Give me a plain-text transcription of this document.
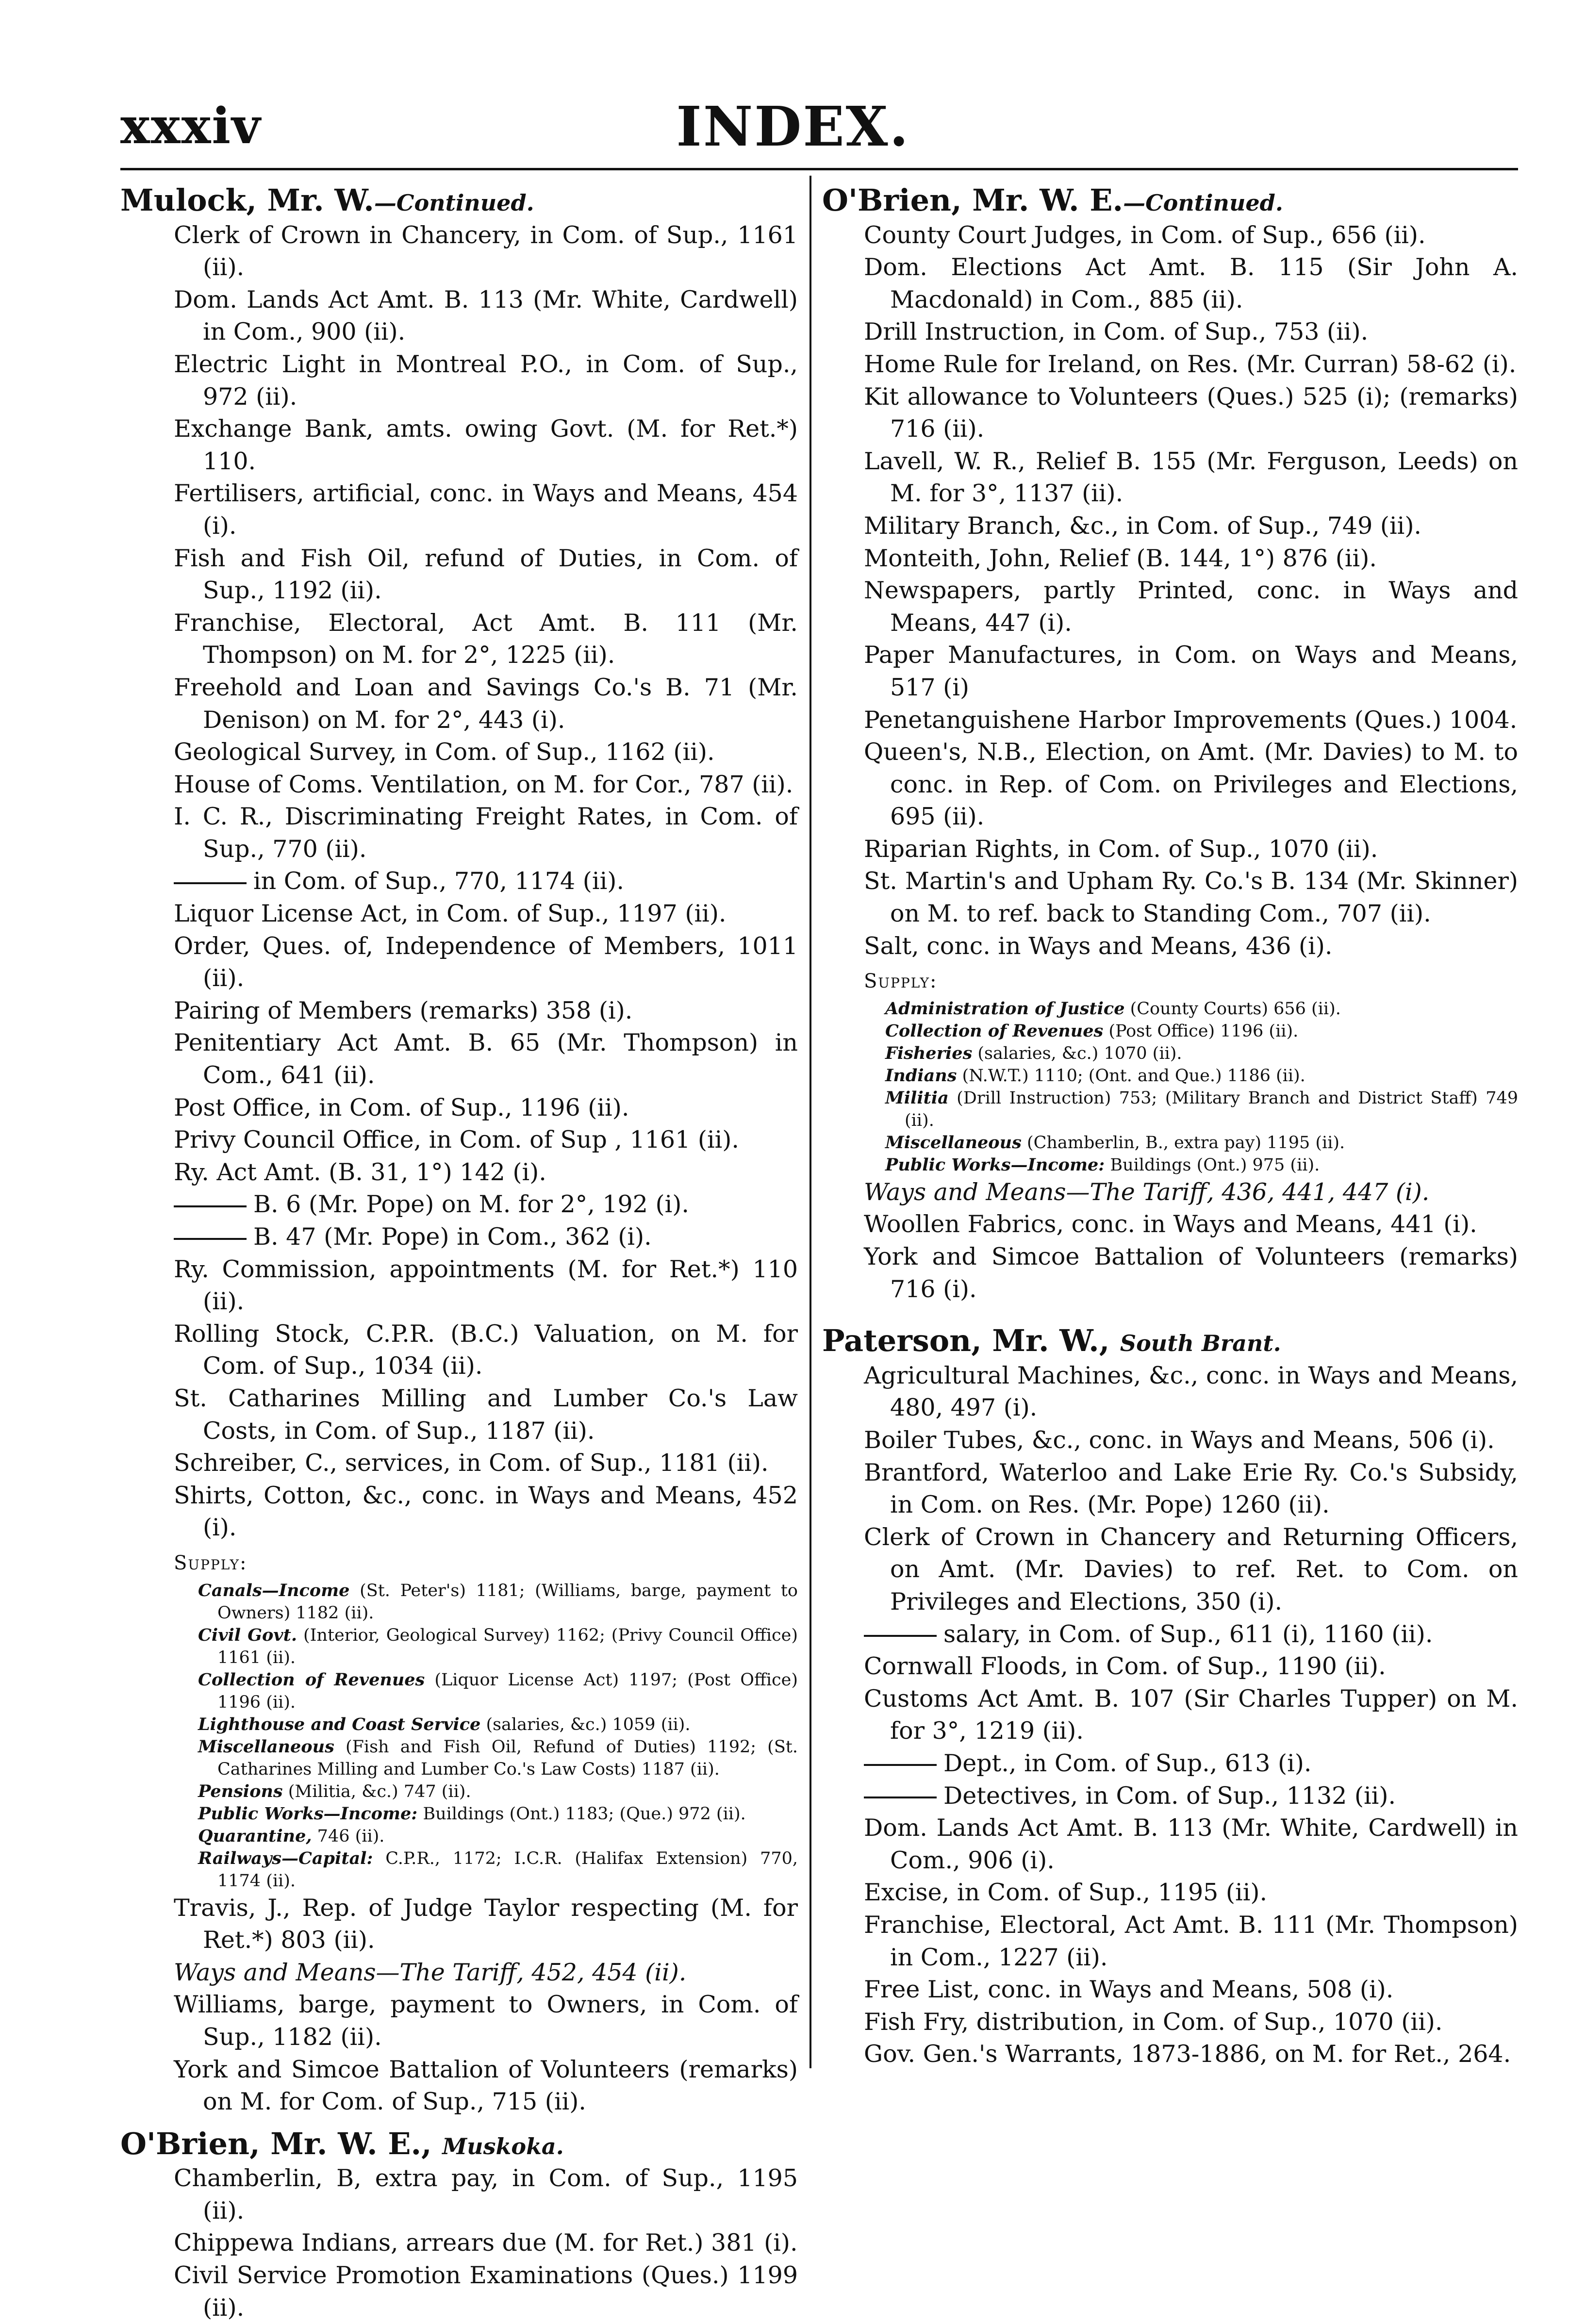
xxxiv	INDEX.
Mulock, Mr. W.—Continued.
Clerk of Crown in Chancery, in Com. of Sup., 1161 (ii).
Dom. Lands Act Amt. B. 113 (Mr. White, Cardwell) in Com., 900 (ii).
Electric Light in Montreal P.O., in Com. of Sup., 972 (ii).
Exchange Bank, amts. owing Govt. (M. for Ret.*) 110.
Fertilisers, artificial, conc. in Ways and Means, 454 (i).
Fish and Fish Oil, refund of Duties, in Com. of Sup., 1192 (ii).
Franchise, Electoral, Act Amt. B. 111 (Mr. Thompson) on M. for 2°, 1225 (ii).
Freehold and Loan and Savings Co.'s B. 71 (Mr. Denison) on M. for 2°, 443 (i).
Geological Survey, in Com. of Sup., 1162 (ii).
House of Coms. Ventilation, on M. for Cor., 787 (ii).
I. C. R., Discriminating Freight Rates, in Com. of Sup., 770 (ii).
in Com. of Sup., 770, 1174 (ii).
Liquor License Act, in Com. of Sup., 1197 (ii).
Order, Ques. of, Independence of Members, 1011 (ii).
Pairing of Members (remarks) 358 (i).
Penitentiary Act Amt. B. 65 (Mr. Thompson) in Com., 641 (ii).
Post Office, in Com. of Sup., 1196 (ii).
Privy Council Office, in Com. of Sup , 1161 (ii).
Ry. Act Amt. (B. 31, 1°) 142 (i).
B. 6 (Mr. Pope) on M. for 2°, 192 (i).
B. 47 (Mr. Pope) in Com., 362 (i).
Ry. Commission, appointments (M. for Ret.*) 110 (ii).
Rolling Stock, C.P.R. (B.C.) Valuation, on M. for Com. of Sup., 1034 (ii).
St. Catharines Milling and Lumber Co.'s Law Costs, in Com. of Sup., 1187 (ii).
Schreiber, C., services, in Com. of Sup., 1181 (ii).
Shirts, Cotton, &c., conc. in Ways and Means, 452 (i).
Supply:
Canals—Income (St. Peter's) 1181; (Williams, barge, payment to Owners) 1182 (ii).
Civil Govt. (Interior, Geological Survey) 1162; (Privy Council Office) 1161 (ii).
Collection of Revenues (Liquor License Act) 1197; (Post Office) 1196 (ii).
Lighthouse and Coast Service (salaries, &c.) 1059 (ii).
Miscellaneous (Fish and Fish Oil, Refund of Duties) 1192; (St. Catharines Milling and Lumber Co.'s Law Costs) 1187 (ii).
Pensions (Militia, &c.) 747 (ii).
Public Works—Income: Buildings (Ont.) 1183; (Que.) 972 (ii).
Quarantine, 746 (ii).
Railways—Capital: C.P.R., 1172; I.C.R. (Halifax Extension) 770, 1174 (ii).
Travis, J., Rep. of Judge Taylor respecting (M. for Ret.*) 803 (ii).
Ways and Means—The Tariff, 452, 454 (ii).
Williams, barge, payment to Owners, in Com. of Sup., 1182 (ii).
York and Simcoe Battalion of Volunteers (remarks) on M. for Com. of Sup., 715 (ii).
O'Brien, Mr. W. E., Muskoka.
Chamberlin, B, extra pay, in Com. of Sup., 1195 (ii).
Chippewa Indians, arrears due (M. for Ret.) 381 (i).
Civil Service Promotion Examinations (Ques.) 1199 (ii).
O'Brien, Mr. W. E.—Continued.
County Court Judges, in Com. of Sup., 656 (ii).
Dom. Elections Act Amt. B. 115 (Sir John A. Macdonald) in Com., 885 (ii).
Drill Instruction, in Com. of Sup., 753 (ii).
Home Rule for Ireland, on Res. (Mr. Curran) 58-62 (i).
Kit allowance to Volunteers (Ques.) 525 (i); (remarks) 716 (ii).
Lavell, W. R., Relief B. 155 (Mr. Ferguson, Leeds) on M. for 3°, 1137 (ii).
Military Branch, &c., in Com. of Sup., 749 (ii).
Monteith, John, Relief (B. 144, 1°) 876 (ii).
Newspapers, partly Printed, conc. in Ways and Means, 447 (i).
Paper Manufactures, in Com. on Ways and Means, 517 (i)
Penetanguishene Harbor Improvements (Ques.) 1004.
Queen's, N.B., Election, on Amt. (Mr. Davies) to M. to conc. in Rep. of Com. on Privileges and Elections, 695 (ii).
Riparian Rights, in Com. of Sup., 1070 (ii).
St. Martin's and Upham Ry. Co.'s B. 134 (Mr. Skinner) on M. to ref. back to Standing Com., 707 (ii).
Salt, conc. in Ways and Means, 436 (i).
Supply:
Administration of Justice (County Courts) 656 (ii).
Collection of Revenues (Post Office) 1196 (ii).
Fisheries (salaries, &c.) 1070 (ii).
Indians (N.W.T.) 1110; (Ont. and Que.) 1186 (ii).
Militia (Drill Instruction) 753; (Military Branch and District Staff) 749 (ii).
Miscellaneous (Chamberlin, B., extra pay) 1195 (ii).
Public Works—Income: Buildings (Ont.) 975 (ii).
Ways and Means—The Tariff, 436, 441, 447 (i).
Woollen Fabrics, conc. in Ways and Means, 441 (i).
York and Simcoe Battalion of Volunteers (remarks) 716 (i).
Paterson, Mr. W., South Brant.
Agricultural Machines, &c., conc. in Ways and Means, 480, 497 (i).
Boiler Tubes, &c., conc. in Ways and Means, 506 (i).
Brantford, Waterloo and Lake Erie Ry. Co.'s Subsidy, in Com. on Res. (Mr. Pope) 1260 (ii).
Clerk of Crown in Chancery and Returning Officers, on Amt. (Mr. Davies) to ref. Ret. to Com. on Privileges and Elections, 350 (i).
salary, in Com. of Sup., 611 (i), 1160 (ii).
Cornwall Floods, in Com. of Sup., 1190 (ii).
Customs Act Amt. B. 107 (Sir Charles Tupper) on M. for 3°, 1219 (ii).
Dept., in Com. of Sup., 613 (i).
Detectives, in Com. of Sup., 1132 (ii).
Dom. Lands Act Amt. B. 113 (Mr. White, Cardwell) in Com., 906 (i).
Excise, in Com. of Sup., 1195 (ii).
Franchise, Electoral, Act Amt. B. 111 (Mr. Thompson) in Com., 1227 (ii).
Free List, conc. in Ways and Means, 508 (i).
Fish Fry, distribution, in Com. of Sup., 1070 (ii).
Gov. Gen.'s Warrants, 1873-1886, on M. for Ret., 264.
